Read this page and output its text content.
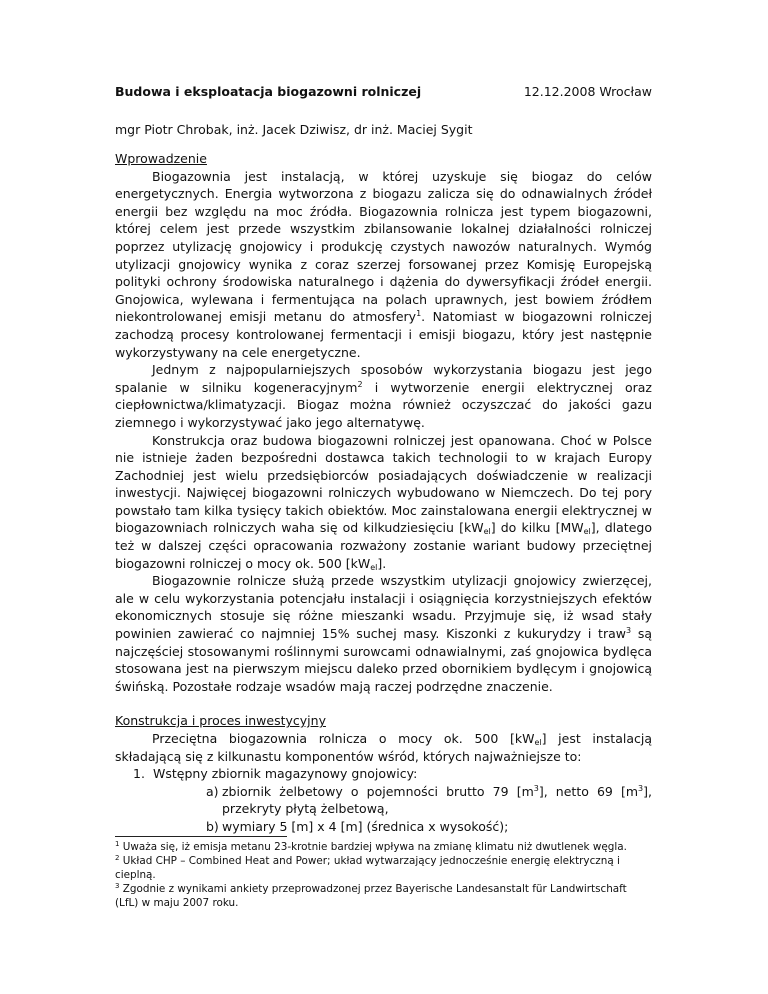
Budowa i eksploatacja biogazowni rolniczej	12.12.2008 Wrocław
mgr Piotr Chrobak, inż. Jacek Dziwisz, dr inż. Maciej Sygit
Wprowadzenie

Biogazownia jest instalacją, w której uzyskuje się biogaz do celów energetycznych. Energia wytworzona z biogazu zalicza się do odnawialnych źródeł energii bez względu na moc źródła. Biogazownia rolnicza jest typem biogazowni, której celem jest przede wszystkim zbilansowanie lokalnej działalności rolniczej poprzez utylizację gnojowicy i produkcję czystych nawozów naturalnych. Wymóg utylizacji gnojowicy wynika z coraz szerzej forsowanej przez Komisję Europejską polityki ochrony środowiska naturalnego i dążenia do dywersyfikacji źródeł energii. Gnojowica, wylewana i fermentująca na polach uprawnych, jest bowiem źródłem niekontrolowanej emisji metanu do atmosfery$^1$. Natomiast w biogazowni rolniczej zachodzą procesy kontrolowanej fermentacji i emisji biogazu, który jest następnie wykorzystywany na cele energetyczne.

Jednym z najpopularniejszych sposobów wykorzystania biogazu jest jego spalanie w silniku kogeneracyjnym$^2$ i wytworzenie energii elektrycznej oraz ciepłownictwa/klimatyzacji. Biogaz można również oczyszczać do jakości gazu ziemnego i wykorzystywać jako jego alternatywę.

Konstrukcja oraz budowa biogazowni rolniczej jest opanowana. Choć w Polsce nie istnieje żaden bezpośredni dostawca takich technologii to w krajach Europy Zachodniej jest wielu przedsiębiorców posiadających doświadczenie w realizacji inwestycji. Najwięcej biogazowni rolniczych wybudowano w Niemczech. Do tej pory powstało tam kilka tysięcy takich obiektów. Moc zainstalowana energii elektrycznej w biogazowniach rolniczych waha się od kilkudziesięciu $[kW_{el}]$ do kilku $[MW_{el}]$, dlatego też w dalszej części opracowania rozważony zostanie wariant budowy przeciętnej biogazowni rolniczej o mocy ok. 500 $[kW_{el}]$.

Biogazownie rolnicze służą przede wszystkim utylizacji gnojowicy zwierzęcej, ale w celu wykorzystania potencjału instalacji i osiągnięcia korzystniejszych efektów ekonomicznych stosuje się różne mieszanki wsadu. Przyjmuje się, iż wsad stały powinien zawierać co najmniej 15% suchej masy. Kiszonki z kukurydzy i traw$^3$ są najczęściej stosowanymi roślinnymi surowcami odnawialnymi, zaś gnojowica bydlęca stosowana jest na pierwszym miejscu daleko przed obornikiem bydlęcym i gnojowicą świńską. Pozostałe rodzaje wsadów mają raczej podrzędne znaczenie.

Konstrukcja i proces inwestycyjny

Przeciętna biogazownia rolnicza o mocy ok. 500 $[kW_{el}]$ jest instalacją składającą się z kilkunastu komponentów wśród, których najważniejsze to:

1. Wstępny zbiornik magazynowy gnojowicy:
a) zbiornik żelbetowy o pojemności brutto 79 $[m^3]$, netto 69 $[m^3]$, przekryty płytą żelbetową,
b) wymiary 5 [m] x 4 [m] (średnica x wysokość);
$^1$ Uważa się, iż emisja metanu 23-krotnie bardziej wpływa na zmianę klimatu niż dwutlenek węgla.
$^2$ Układ CHP – Combined Heat and Power; układ wytwarzający jednocześnie energię elektryczną i cieplną.
$^3$ Zgodnie z wynikami ankiety przeprowadzonej przez Bayerische Landesanstalt für Landwirtschaft (LfL) w maju 2007 roku.
